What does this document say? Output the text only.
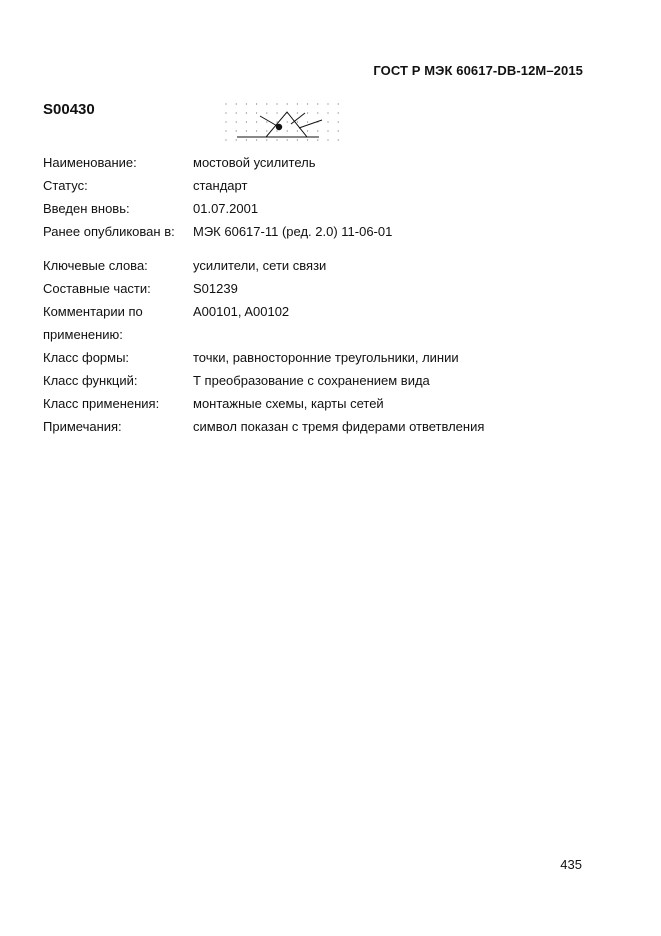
ГОСТ Р МЭК 60617-DB-12M–2015
S00430
Наименование:	мостовой усилитель
Статус:	стандарт
Введен вновь:	01.07.2001
Ранее опубликован в: МЭК 60617-11 (ред. 2.0) 11-06-01
Ключевые слова:	усилители, сети связи
Составные части:	S01239
Комментарии по	A00101, A00102
применению:
Класс формы:	точки, равносторонние треугольники, линии
Класс функций:	Т преобразование с сохранением вида
Класс применения:	монтажные схемы, карты сетей
Примечания:	символ показан с тремя фидерами ответвления
435
